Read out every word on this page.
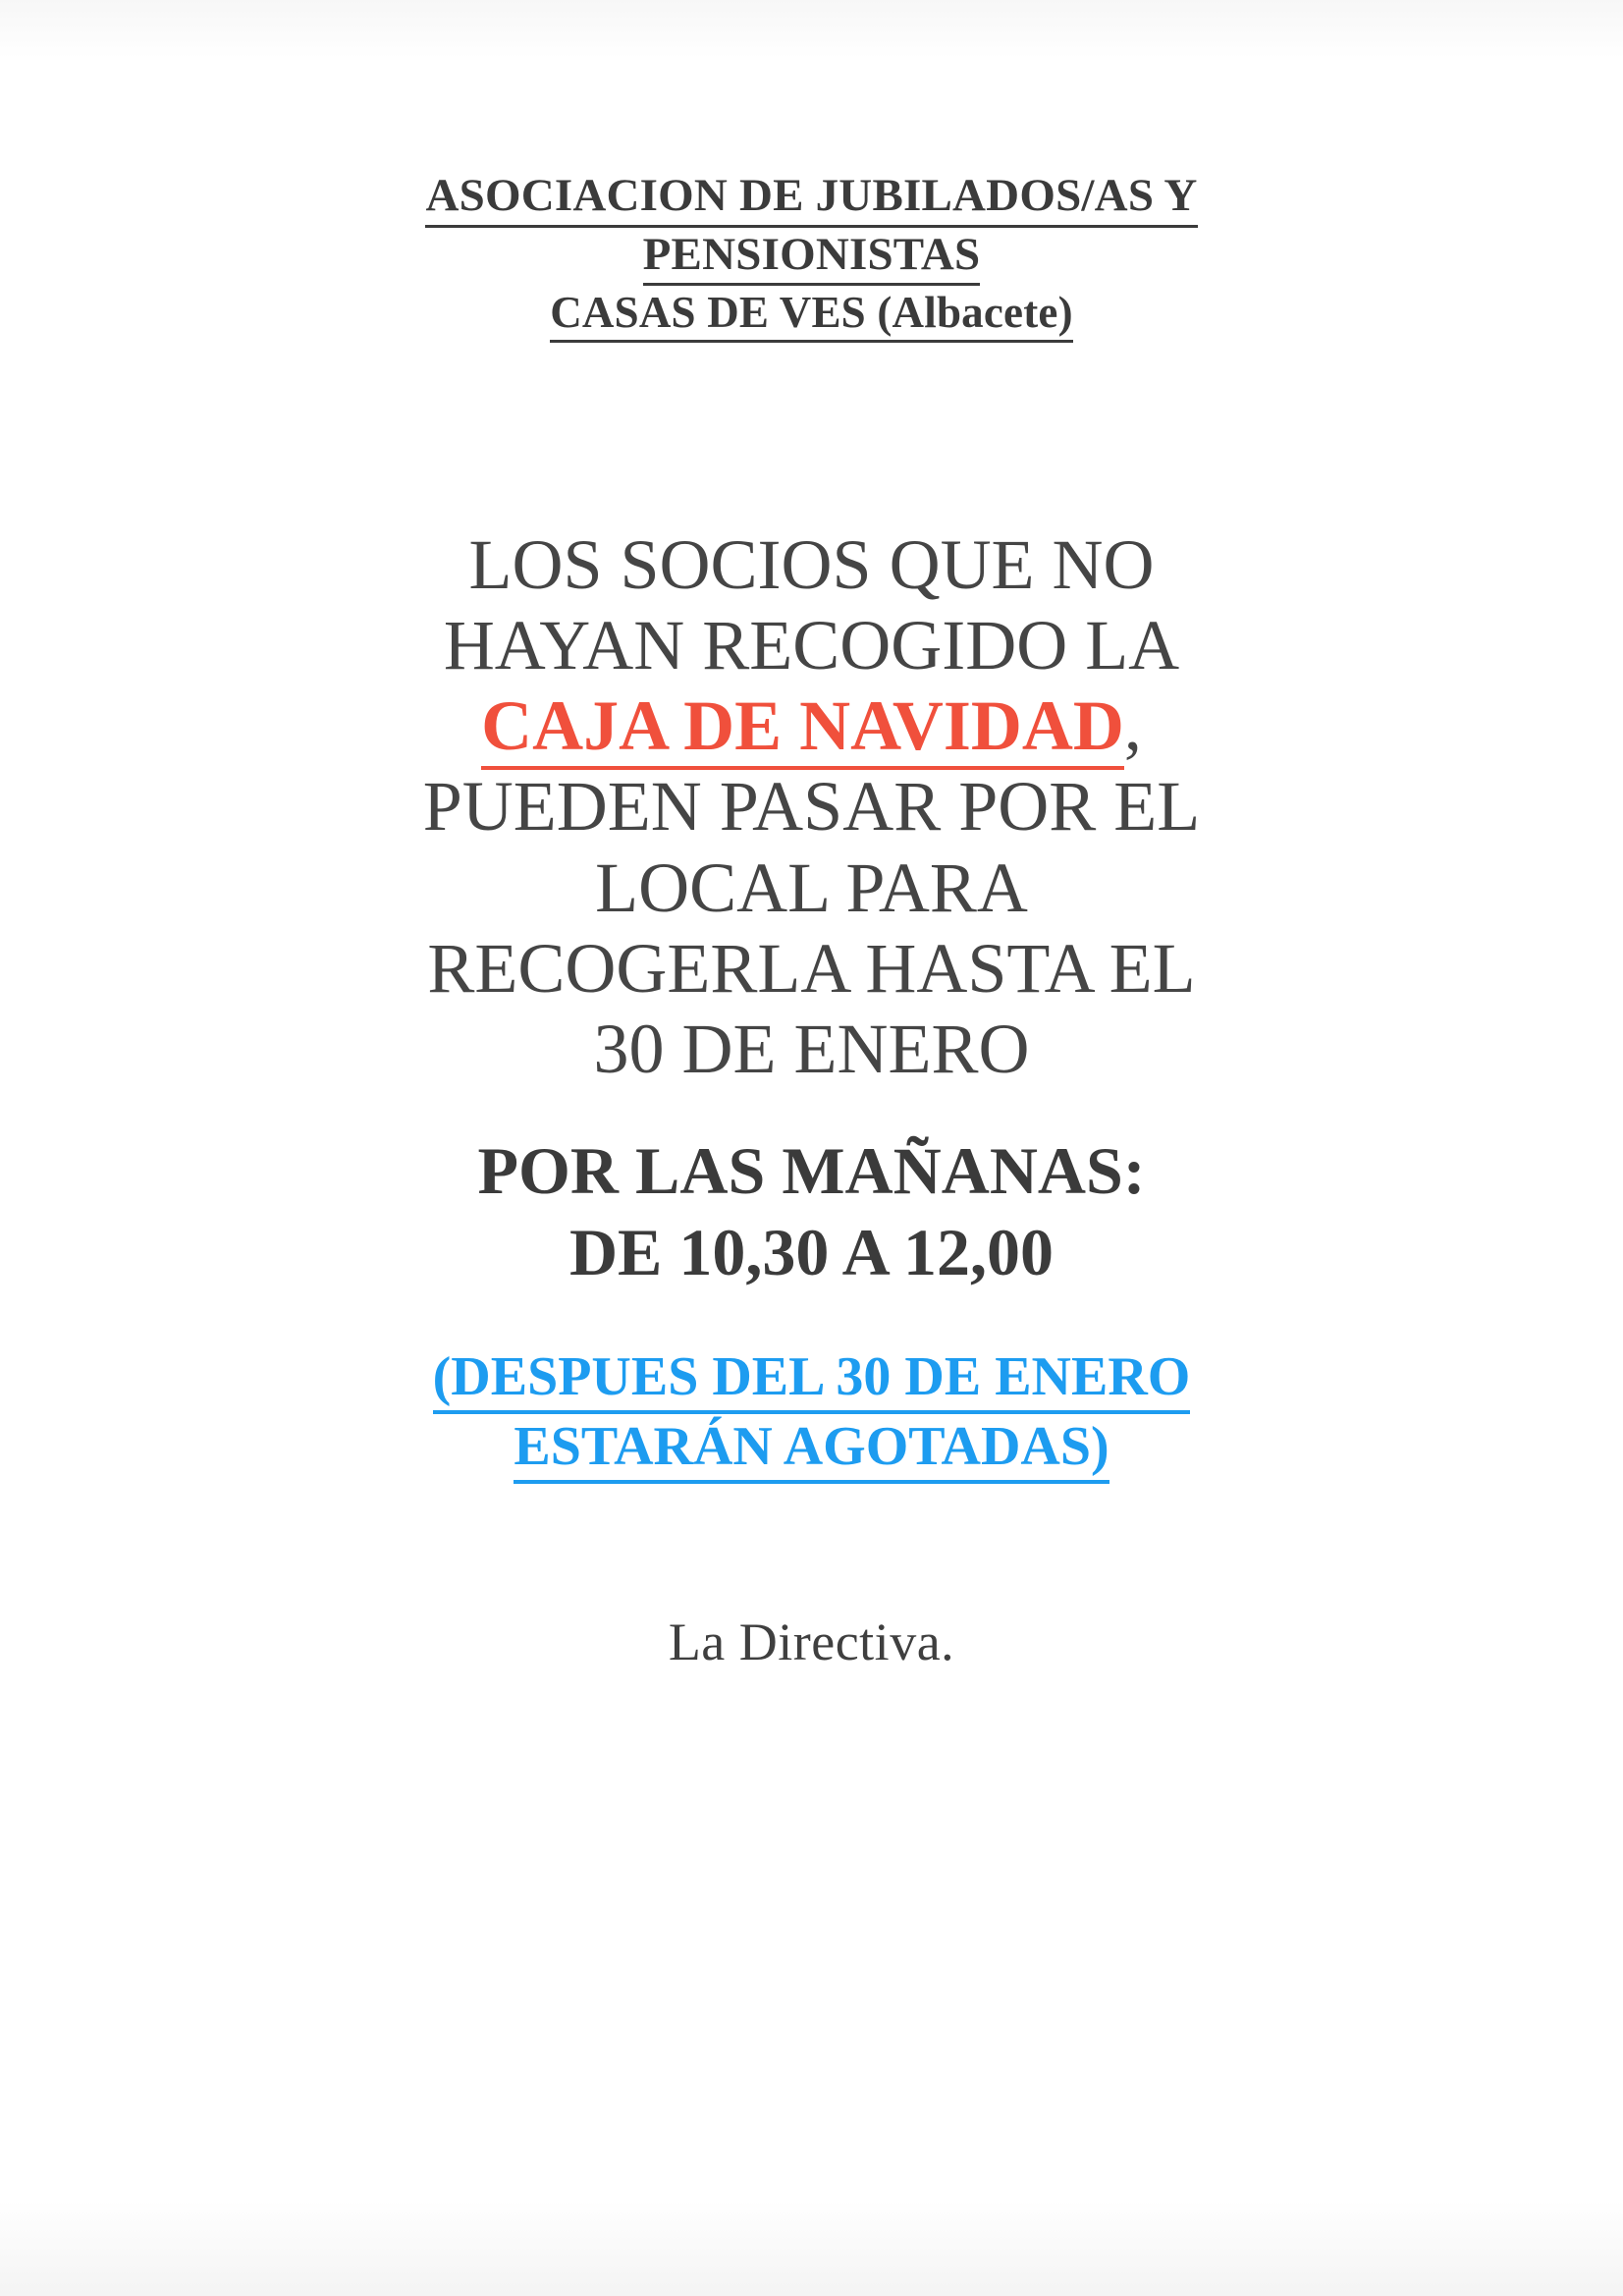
ASOCIACION DE JUBILADOS/AS Y
PENSIONISTAS
CASAS DE VES (Albacete)
LOS SOCIOS QUE NO
HAYAN RECOGIDO LA
CAJA DE NAVIDAD,
PUEDEN PASAR POR EL
LOCAL PARA
RECOGERLA HASTA EL
30 DE ENERO
POR LAS MAÑANAS:
DE 10,30 A 12,00
(DESPUES DEL 30 DE ENERO
ESTARÁN AGOTADAS)
La Directiva.
